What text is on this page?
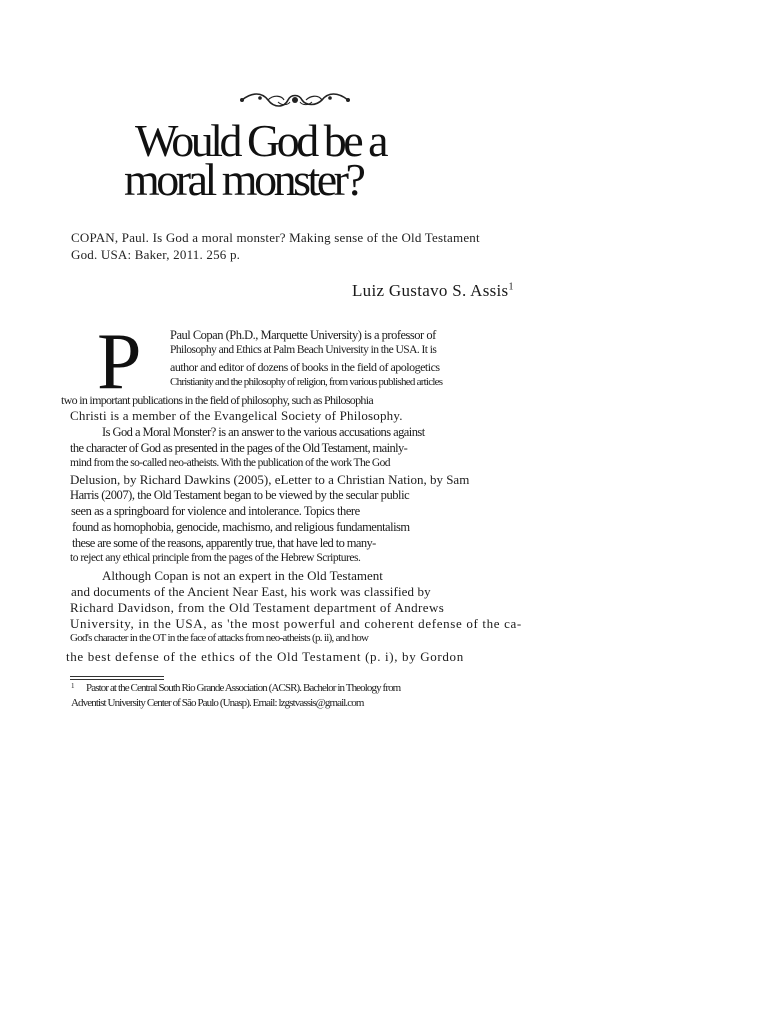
Would God be a
moral monster?
COPAN, Paul. Is God a moral monster? Making sense of the Old Testament
God. USA: Baker, 2011. 256 p.
Luiz Gustavo S. Assis$^1$
P Paul Copan (Ph.D., Marquette University) is a professor of
Philosophy and Ethics at Palm Beach University in the USA. It is
author and editor of dozens of books in the field of apologetics
Christianity and the philosophy of religion, from various published articles
two in important publications in the field of philosophy, such as Philosophia
Christi is a member of the Evangelical Society of Philosophy.
Is God a Moral Monster? is an answer to the various accusations against
the character of God as presented in the pages of the Old Testament, mainly-
mind from the so-called neo-atheists. With the publication of the work The God
Delusion, by Richard Dawkins (2005), eLetter to a Christian Nation, by Sam
Harris (2007), the Old Testament began to be viewed by the secular public
seen as a springboard for violence and intolerance. Topics there
found as homophobia, genocide, machismo, and religious fundamentalism
these are some of the reasons, apparently true, that have led to many-
to reject any ethical principle from the pages of the Hebrew Scriptures.
Although Copan is not an expert in the Old Testament
and documents of the Ancient Near East, his work was classified by
Richard Davidson, from the Old Testament department of Andrews
University, in the USA, as 'the most powerful and coherent defense of the ca-
God's character in the OT in the face of attacks from neo-atheists (p. ii), and how
the best defense of the ethics of the Old Testament (p. i), by Gordon
1 Pastor at the Central South Rio Grande Association (ACSR). Bachelor in Theology from
Adventist University Center of São Paulo (Unasp). Email: lzgstvassis@gmail.com
